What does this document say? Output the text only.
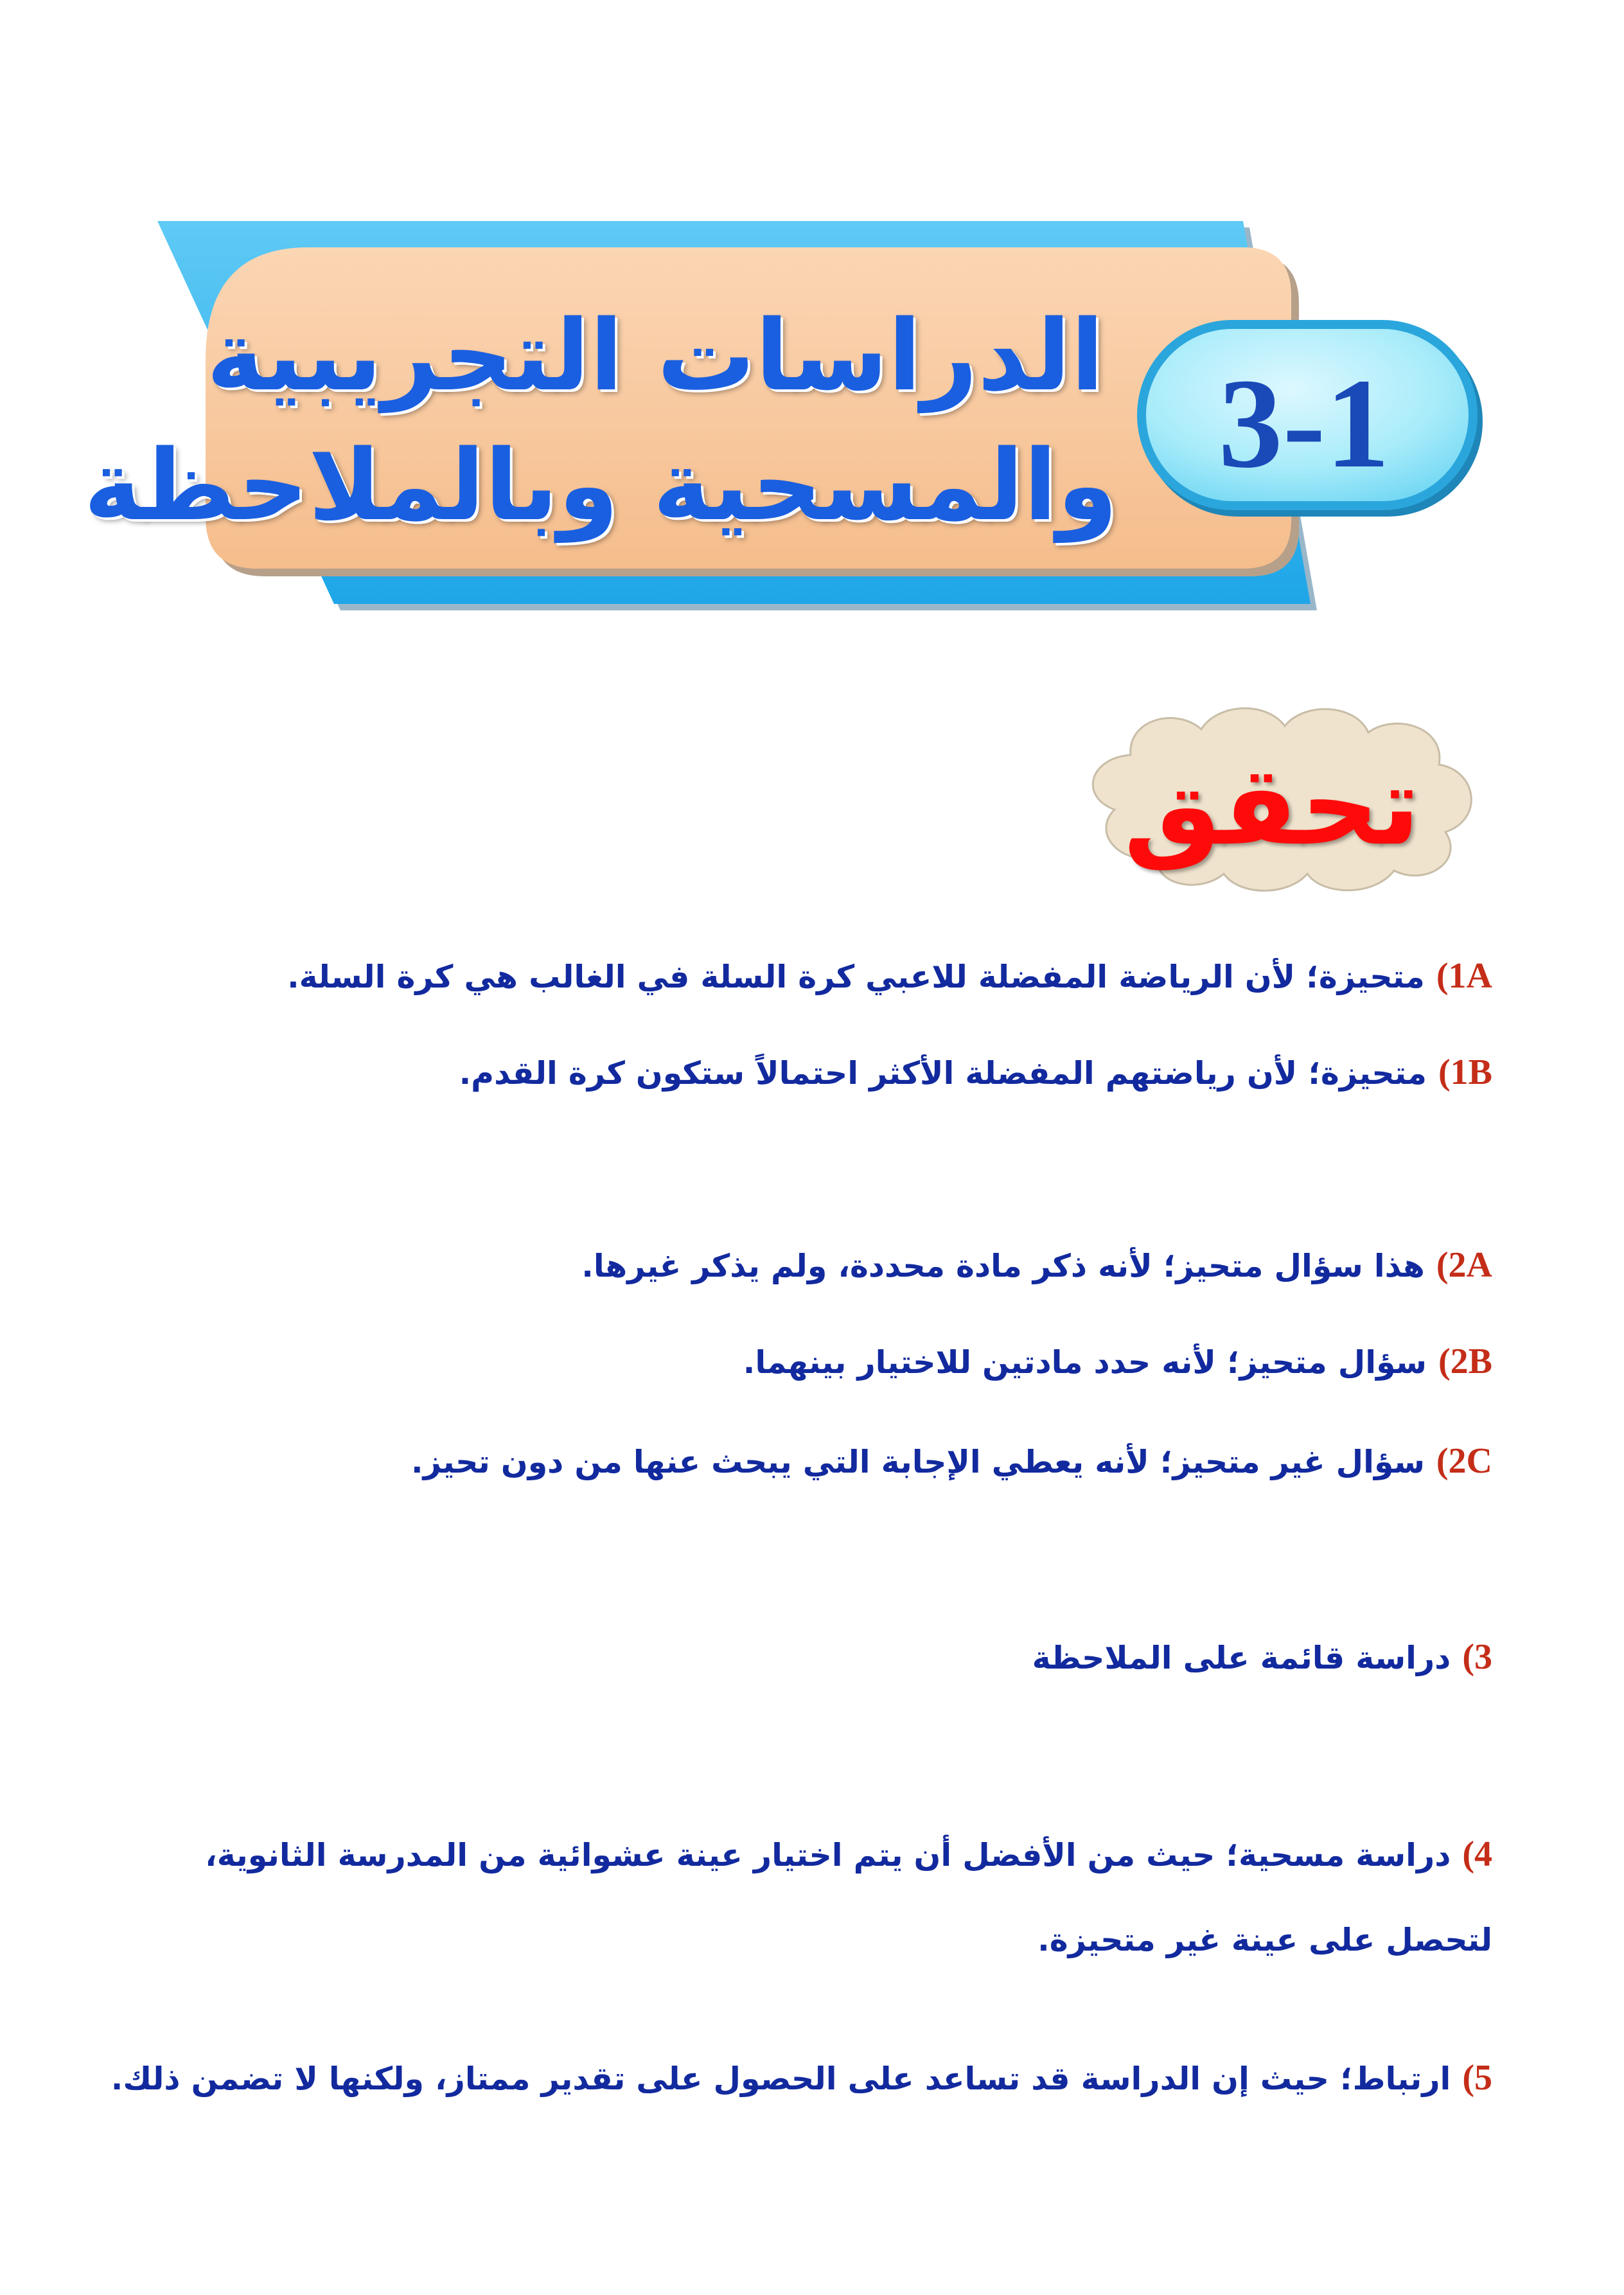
الدراسات التجريبية
والمسحية وبالملاحظة 3-1
تحقق
1A)متحيزة؛ لأن الرياضة المفضلة للاعبي كرة السلة في الغالب هي كرة السلة.
1B)متحيزة؛ لأن رياضتهم المفضلة الأكثر احتمالاً ستكون كرة القدم.
2A)هذا سؤال متحيز؛ لأنه ذكر مادة محددة، ولم يذكر غيرها.
2B)سؤال متحيز؛ لأنه حدد مادتين للاختيار بينهما.
2C)سؤال غير متحيز؛ لأنه يعطي الإجابة التي يبحث عنها من دون تحيز.
3)دراسة قائمة على الملاحظة
4)دراسة مسحية؛ حيث من الأفضل أن يتم اختيار عينة عشوائية من المدرسة الثانوية، لتحصل على عينة غير متحيزة.
5)ارتباط؛ حيث إن الدراسة قد تساعد على الحصول على تقدير ممتاز، ولكنها لا تضمن ذلك.
